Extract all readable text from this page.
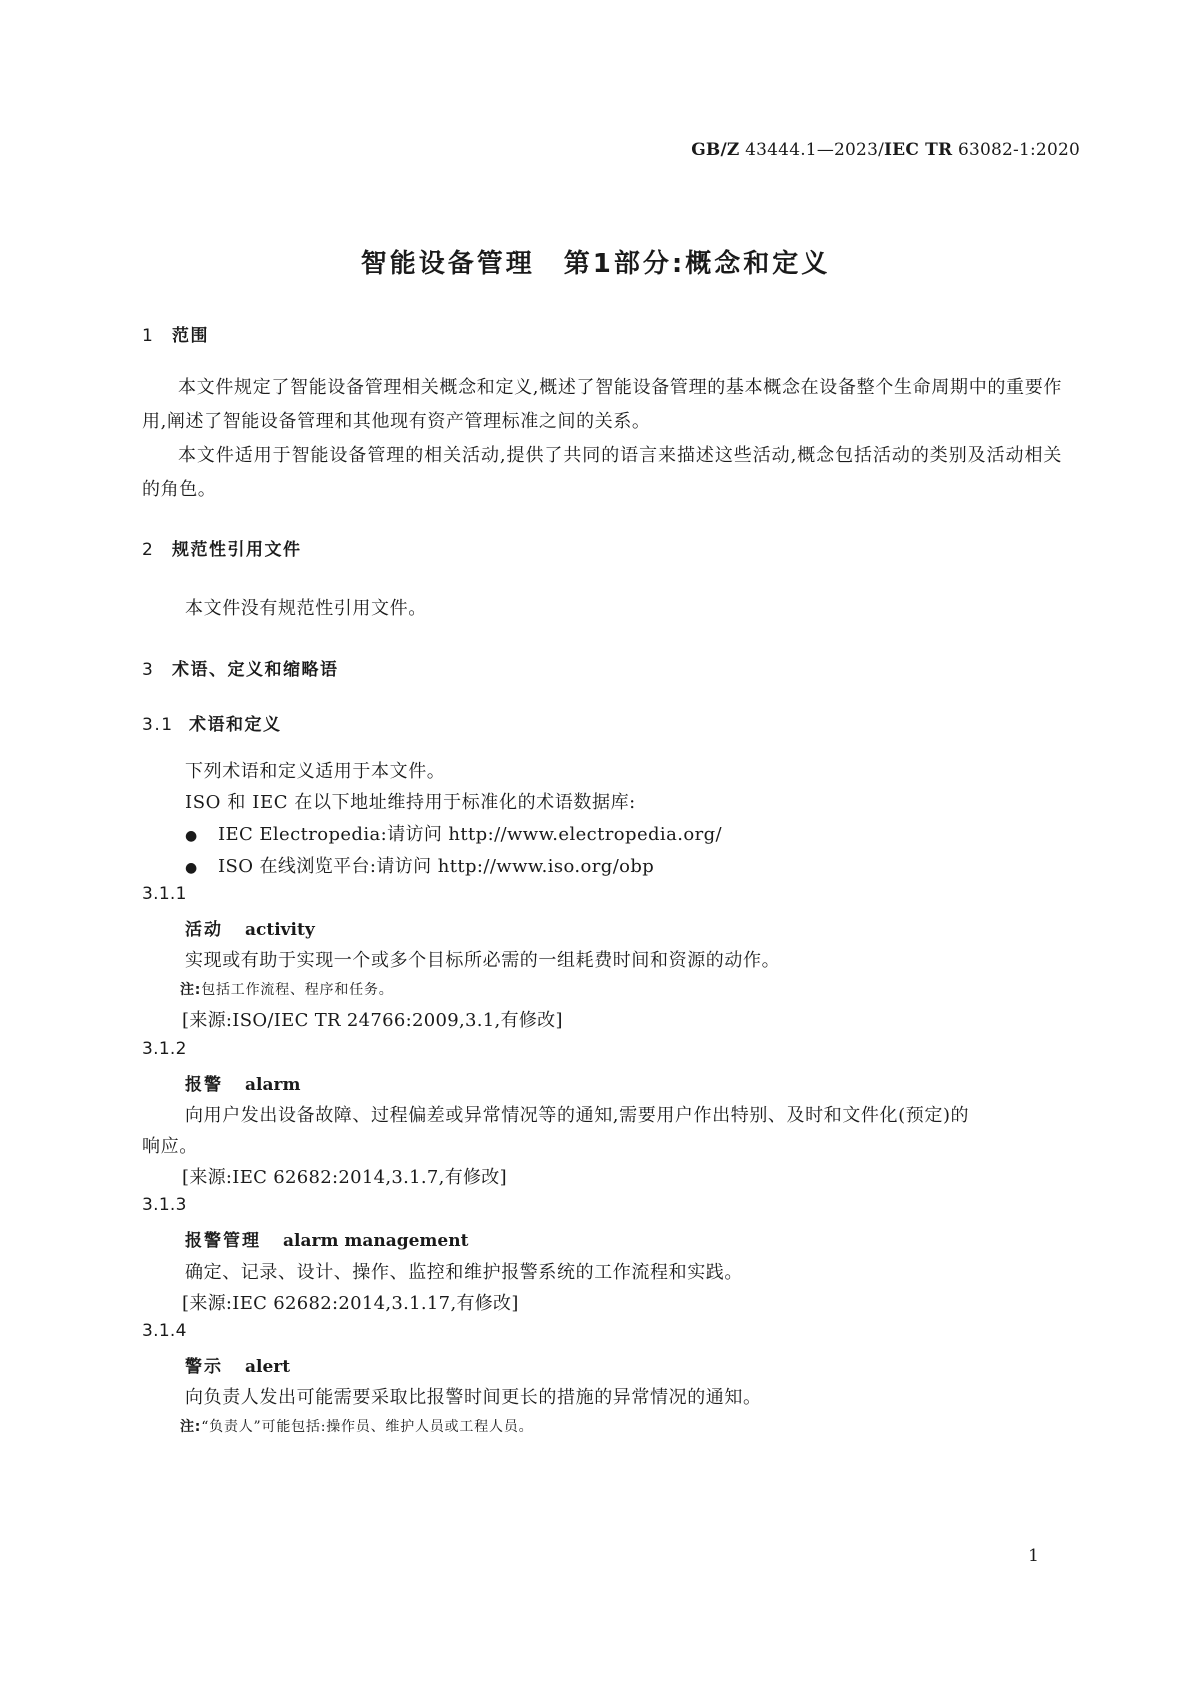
GB/Z 43444.1—2023/IEC TR 63082-1:2020
智能设备管理　第1部分:概念和定义
1 范围

本文件规定了智能设备管理相关概念和定义,概述了智能设备管理的基本概念在设备整个生命周期中的重要作用,阐述了智能设备管理和其他现有资产管理标准之间的关系。

本文件适用于智能设备管理的相关活动,提供了共同的语言来描述这些活动,概念包括活动的类别及活动相关的角色。

2 规范性引用文件
本文件没有规范性引用文件。
3 术语、定义和缩略语
3.1 术语和定义
下列术语和定义适用于本文件。
ISO 和 IEC 在以下地址维持用于标准化的术语数据库:
● IEC Electropedia:请访问 http://www.electropedia.org/
● ISO 在线浏览平台:请访问 http://www.iso.org/obp
3.1.1
活动 activity
实现或有助于实现一个或多个目标所必需的一组耗费时间和资源的动作。
注:包括工作流程、程序和任务。
[来源:ISO/IEC TR 24766:2009,3.1,有修改]
3.1.2
报警 alarm
向用户发出设备故障、过程偏差或异常情况等的通知,需要用户作出特别、及时和文件化(预定)的
响应。
[来源:IEC 62682:2014,3.1.7,有修改]
3.1.3
报警管理 alarm management
确定、记录、设计、操作、监控和维护报警系统的工作流程和实践。
[来源:IEC 62682:2014,3.1.17,有修改]
3.1.4
警示 alert
向负责人发出可能需要采取比报警时间更长的措施的异常情况的通知。
注:“负责人”可能包括:操作员、维护人员或工程人员。
1
